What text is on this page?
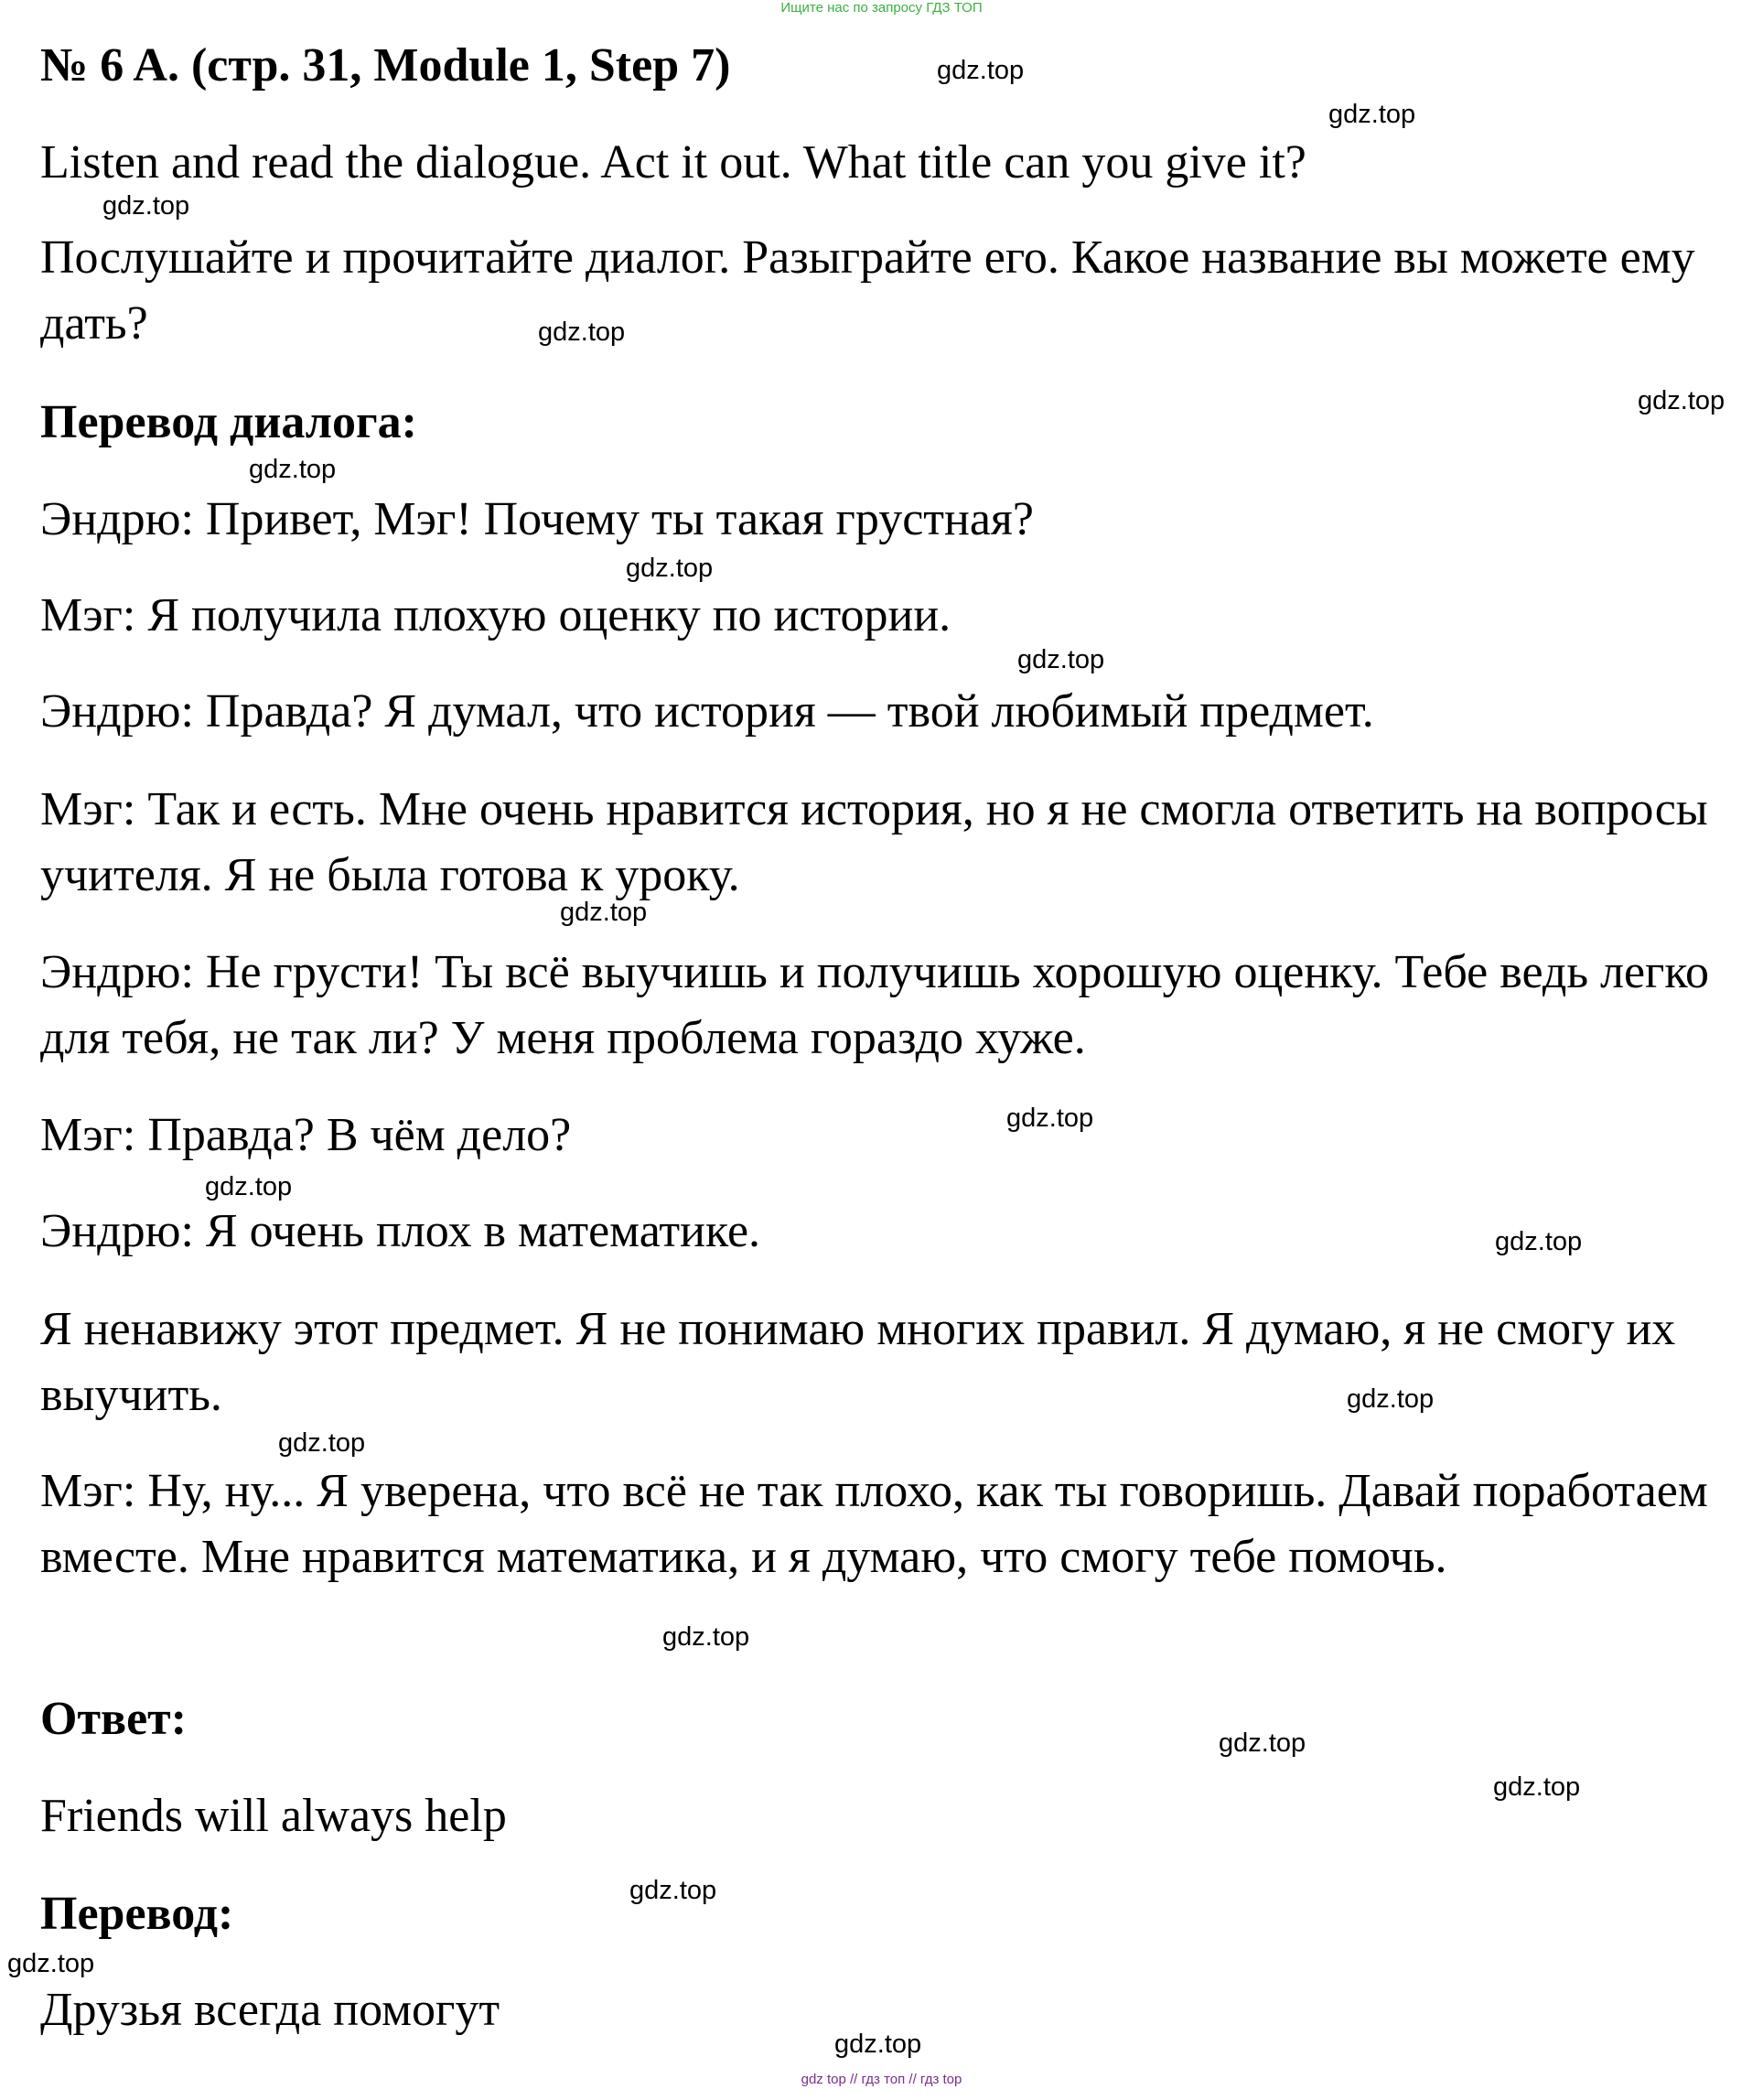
Ищите нас по запросу ГДЗ ТОП
№ 6 A. (стр. 31, Module 1, Step 7)

Listen and read the dialogue. Act it out. What title can you give it?

Послушайте и прочитайте диалог. Разыграйте его. Какое название вы можете ему дать?

Перевод диалога:

Эндрю: Привет, Мэг! Почему ты такая грустная?

Мэг: Я получила плохую оценку по истории.

Эндрю: Правда? Я думал, что история — твой любимый предмет.

Мэг: Так и есть. Мне очень нравится история, но я не смогла ответить на вопросы учителя. Я не была готова к уроку.

Эндрю: Не грусти! Ты всё выучишь и получишь хорошую оценку. Тебе ведь легко для тебя, не так ли? У меня проблема гораздо хуже.

Мэг: Правда? В чём дело?

Эндрю: Я очень плох в математике.

Я ненавижу этот предмет. Я не понимаю многих правил. Я думаю, я не смогу их выучить.

Мэг: Ну, ну... Я уверена, что всё не так плохо, как ты говоришь. Давай поработаем вместе. Мне нравится математика, и я думаю, что смогу тебе помочь.

Ответ:

Friends will always help

Перевод:

Друзья всегда помогут

gdz.top
gdz.top
gdz.top
gdz.top
gdz.top
gdz.top
gdz.top
gdz.top
gdz.top
gdz.top
gdz.top
gdz.top
gdz.top
gdz.top
gdz.top
gdz.top
gdz.top
gdz.top
gdz.top
gdz.top
gdz top // гдз топ // гдз top
